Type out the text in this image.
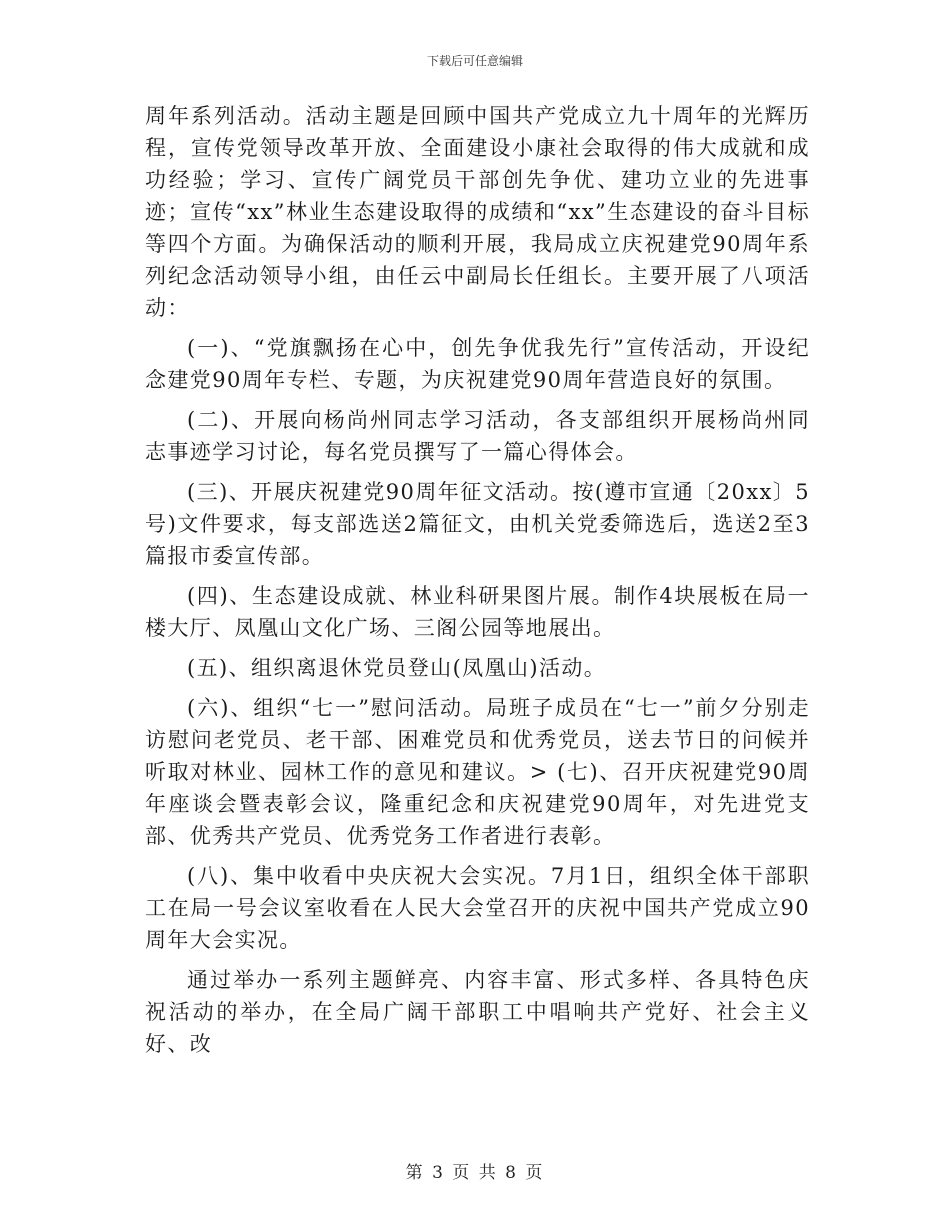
下载后可任意编辑

周年系列活动。活动主题是回顾中国共产党成立九十周年的光辉历程，宣传党领导改革开放、全面建设小康社会取得的伟大成就和成功经验；学习、宣传广阔党员干部创先争优、建功立业的先进事迹；宣传“xx”林业生态建设取得的成绩和“xx”生态建设的奋斗目标等四个方面。为确保活动的顺利开展，我局成立庆祝建党90周年系列纪念活动领导小组，由任云中副局长任组长。主要开展了八项活动：

(一)、“党旗飘扬在心中，创先争优我先行”宣传活动，开设纪念建党90周年专栏、专题，为庆祝建党90周年营造良好的氛围。

(二)、开展向杨尚州同志学习活动，各支部组织开展杨尚州同志事迹学习讨论，每名党员撰写了一篇心得体会。

(三)、开展庆祝建党90周年征文活动。按(遵市宣通〔20xx〕5号)文件要求，每支部选送2篇征文，由机关党委筛选后，选送2至3篇报市委宣传部。

(四)、生态建设成就、林业科研果图片展。制作4块展板在局一楼大厅、凤凰山文化广场、三阁公园等地展出。

(五)、组织离退休党员登山(凤凰山)活动。

(六)、组织“七一”慰问活动。局班子成员在“七一”前夕分别走访慰问老党员、老干部、困难党员和优秀党员，送去节日的问候并听取对林业、园林工作的意见和建议。> (七)、召开庆祝建党90周年座谈会暨表彰会议，隆重纪念和庆祝建党90周年，对先进党支部、优秀共产党员、优秀党务工作者进行表彰。

(八)、集中收看中央庆祝大会实况。7月1日，组织全体干部职工在局一号会议室收看在人民大会堂召开的庆祝中国共产党成立90周年大会实况。

通过举办一系列主题鲜亮、内容丰富、形式多样、各具特色庆祝活动的举办，在全局广阔干部职工中唱响共产党好、社会主义好、改

第 3 页 共 8 页
